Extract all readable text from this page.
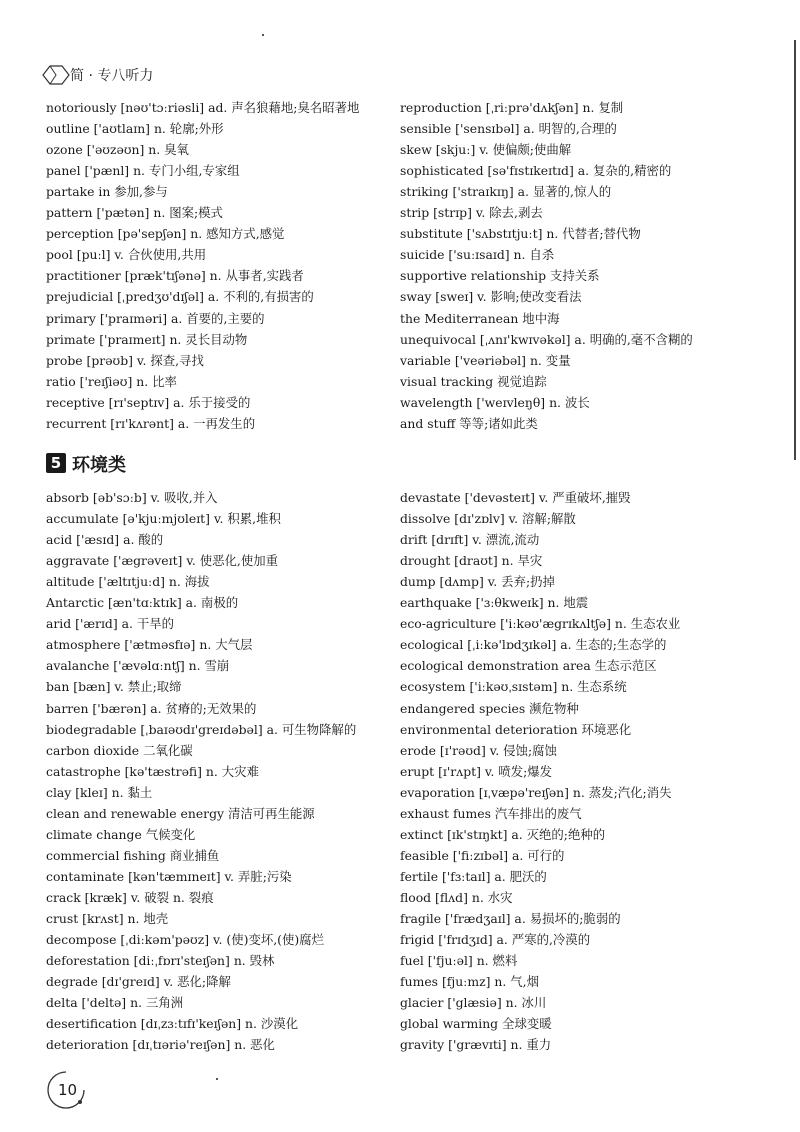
简 · 专八听力
5 环境类
10
notoriously [nəʊ'tɔːriəsli] ad. 声名狼藉地;臭名昭著地
outline ['aʊtlaɪn] n. 轮廓;外形
ozone ['əʊzəʊn] n. 臭氧
panel ['pænl] n. 专门小组,专家组
partake in 参加,参与
pattern ['pætən] n. 图案;模式
perception [pə'sepʃən] n. 感知方式,感觉
pool [puːl] v. 合伙使用,共用
practitioner [præk'tɪʃənə] n. 从事者,实践者
prejudicial [ˌpredʒʊ'dɪʃəl] a. 不利的,有损害的
primary ['praɪməri] a. 首要的,主要的
primate ['praɪmeɪt] n. 灵长目动物
probe [prəʊb] v. 探查,寻找
ratio ['reɪʃiəʊ] n. 比率
receptive [rɪ'septɪv] a. 乐于接受的
recurrent [rɪ'kʌrənt] a. 一再发生的
reproduction [ˌriːprə'dʌkʃən] n. 复制
sensible ['sensɪbəl] a. 明智的,合理的
skew [skjuː] v. 使偏颇;使曲解
sophisticated [sə'fɪstɪkeɪtɪd] a. 复杂的,精密的
striking ['straɪkɪŋ] a. 显著的,惊人的
strip [strɪp] v. 除去,剥去
substitute ['sʌbstɪtjuːt] n. 代替者;替代物
suicide ['suːɪsaɪd] n. 自杀
supportive relationship 支持关系
sway [sweɪ] v. 影响;使改变看法
the Mediterranean 地中海
unequivocal [ˌʌnɪ'kwɪvəkəl] a. 明确的,毫不含糊的
variable ['veəriəbəl] n. 变量
visual tracking 视觉追踪
wavelength ['weɪvleŋθ] n. 波长
and stuff 等等;诸如此类
absorb [əb'sɔːb] v. 吸收,并入
accumulate [ə'kjuːmjʊleɪt] v. 积累,堆积
acid ['æsɪd] a. 酸的
aggravate ['ægrəveɪt] v. 使恶化,使加重
altitude ['æltɪtjuːd] n. 海拔
Antarctic [æn'tɑːktɪk] a. 南极的
arid ['ærɪd] a. 干旱的
atmosphere ['ætməsfɪə] n. 大气层
avalanche ['ævəlɑːntʃ] n. 雪崩
ban [bæn] v. 禁止;取缔
barren ['bærən] a. 贫瘠的;无效果的
biodegradable [ˌbaɪəʊdɪ'greɪdəbəl] a. 可生物降解的
carbon dioxide 二氧化碳
catastrophe [kə'tæstrəfi] n. 大灾难
clay [kleɪ] n. 黏土
clean and renewable energy 清洁可再生能源
climate change 气候变化
commercial fishing 商业捕鱼
contaminate [kən'tæmɪneɪt] v. 弄脏;污染
crack [kræk] v. 破裂 n. 裂痕
crust [krʌst] n. 地壳
decompose [ˌdiːkəm'pəʊz] v. (使)变坏,(使)腐烂
deforestation [diːˌfɒrɪ'steɪʃən] n. 毁林
degrade [dɪ'greɪd] v. 恶化;降解
delta ['deltə] n. 三角洲
desertification [dɪˌzɜːtɪfɪ'keɪʃən] n. 沙漠化
deterioration [dɪˌtɪəriə'reɪʃən] n. 恶化
devastate ['devəsteɪt] v. 严重破坏,摧毁
dissolve [dɪ'zɒlv] v. 溶解;解散
drift [drɪft] v. 漂流,流动
drought [draʊt] n. 旱灾
dump [dʌmp] v. 丢弃;扔掉
earthquake ['ɜːθkweɪk] n. 地震
eco-agriculture ['iːkəʊ'ægrɪkʌltʃə] n. 生态农业
ecological [ˌiːkə'lɒdʒɪkəl] a. 生态的;生态学的
ecological demonstration area 生态示范区
ecosystem ['iːkəʊˌsɪstəm] n. 生态系统
endangered species 濒危物种
environmental deterioration 环境恶化
erode [ɪ'rəʊd] v. 侵蚀;腐蚀
erupt [ɪ'rʌpt] v. 喷发;爆发
evaporation [ɪˌvæpə'reɪʃən] n. 蒸发;汽化;消失
exhaust fumes 汽车排出的废气
extinct [ɪk'stɪŋkt] a. 灭绝的;绝种的
feasible ['fiːzɪbəl] a. 可行的
fertile ['fɜːtaɪl] a. 肥沃的
flood [flʌd] n. 水灾
fragile ['frædʒaɪl] a. 易损坏的;脆弱的
frigid ['frɪdʒɪd] a. 严寒的,冷漠的
fuel ['fjuːəl] n. 燃料
fumes [fjuːmz] n. 气,烟
glacier ['glæsiə] n. 冰川
global warming 全球变暖
gravity ['grævɪti] n. 重力
